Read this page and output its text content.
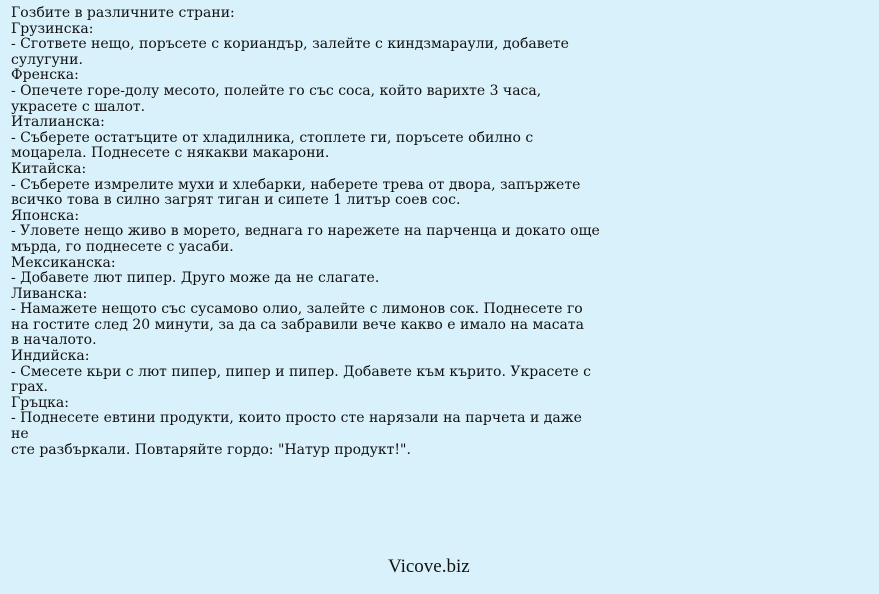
Гозбите в различните страни:
Грузинска:
- Сгответе нещо, поръсете с кориандър, залейте с киндзмараули, добавете
сулугуни.
Френска:
- Опечете горе-долу месото, полейте го със соса, който варихте 3 часа,
украсете с шалот.
Италианска:
- Съберете остатъците от хладилника, стоплете ги, поръсете обилно с
моцарела. Поднесете с някакви макарони.
Китайска:
- Съберете измрелите мухи и хлебарки, наберете трева от двора, запържете
всичко това в силно загрят тиган и сипете 1 литър соев сос.
Японска:
- Уловете нещо живо в морето, веднага го нарежете на парченца и докато още
мърда, го поднесете с уасаби.
Мексиканска:
- Добавете лют пипер. Друго може да не слагате.
Ливанска:
- Намажете нещото със сусамово олио, залейте с лимонов сок. Поднесете го
на гостите след 20 минути, за да са забравили вече какво е имало на масата
в началото.
Индийска:
- Смесете кьри с лют пипер, пипер и пипер. Добавете към кърито. Украсете с
грах.
Гръцка:
- Поднесете евтини продукти, които просто сте нарязали на парчета и даже не
сте разбъркали. Повтаряйте гордо: "Натур продукт!".
Vicove.biz
